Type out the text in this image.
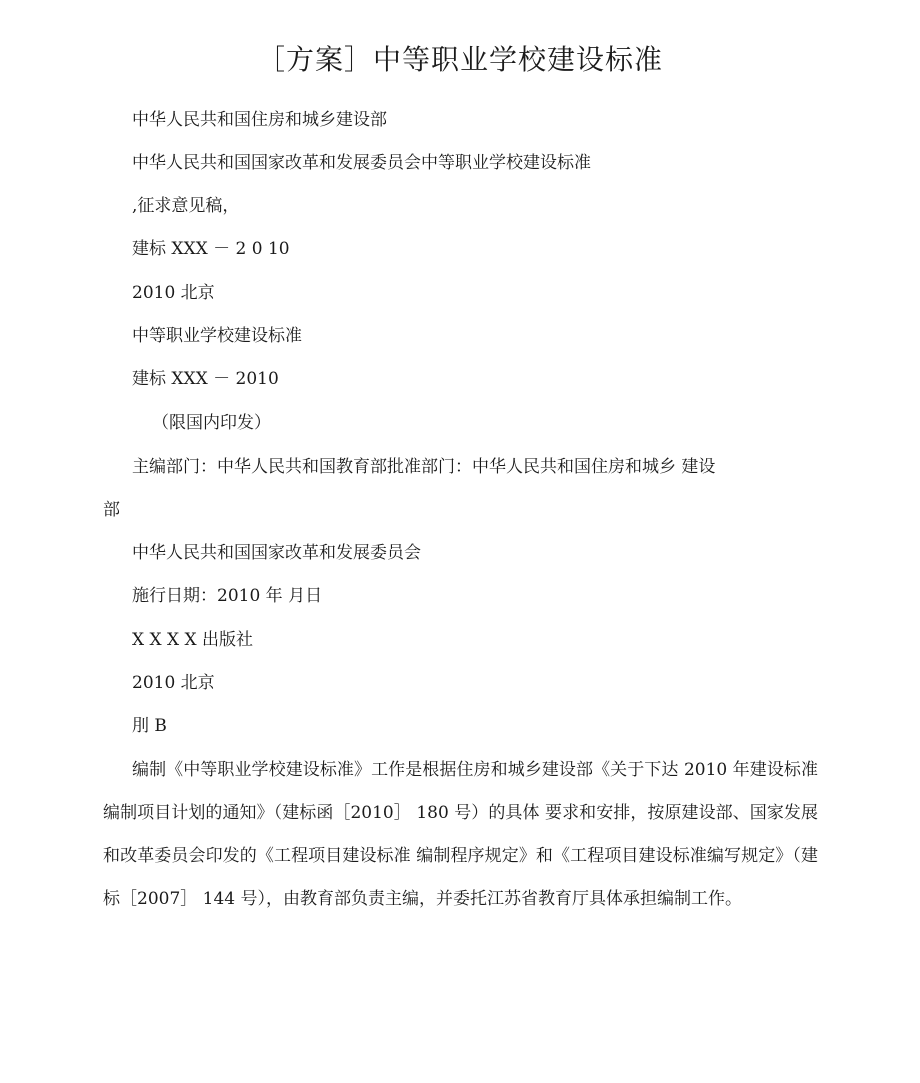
［方案］中等职业学校建设标准
中华人民共和国住房和城乡建设部
中华人民共和国国家改革和发展委员会中等职业学校建设标准
,征求意见稿，
建标 XXX － 2 0 10
2010 北京
中等职业学校建设标准
建标 XXX － 2010
（限国内印发）
主编部门：中华人民共和国教育部批准部门：中华人民共和国住房和城乡 建设
部
中华人民共和国国家改革和发展委员会
施行日期：2010 年 月日
X X X X 出版社
2010 北京
刖 B
编制《中等职业学校建设标准》工作是根据住房和城乡建设部《关于下达 2010 年建设标准编制项目计划的通知》（建标函［2010］ 180 号）的具体 要求和安排，按原建设部、国家发展和改革委员会印发的《工程项目建设标准 编制程序规定》和《工程项目建设标准编写规定》（建标［2007］ 144 号），由教育部负责主编，并委托江苏省教育厅具体承担编制工作。
